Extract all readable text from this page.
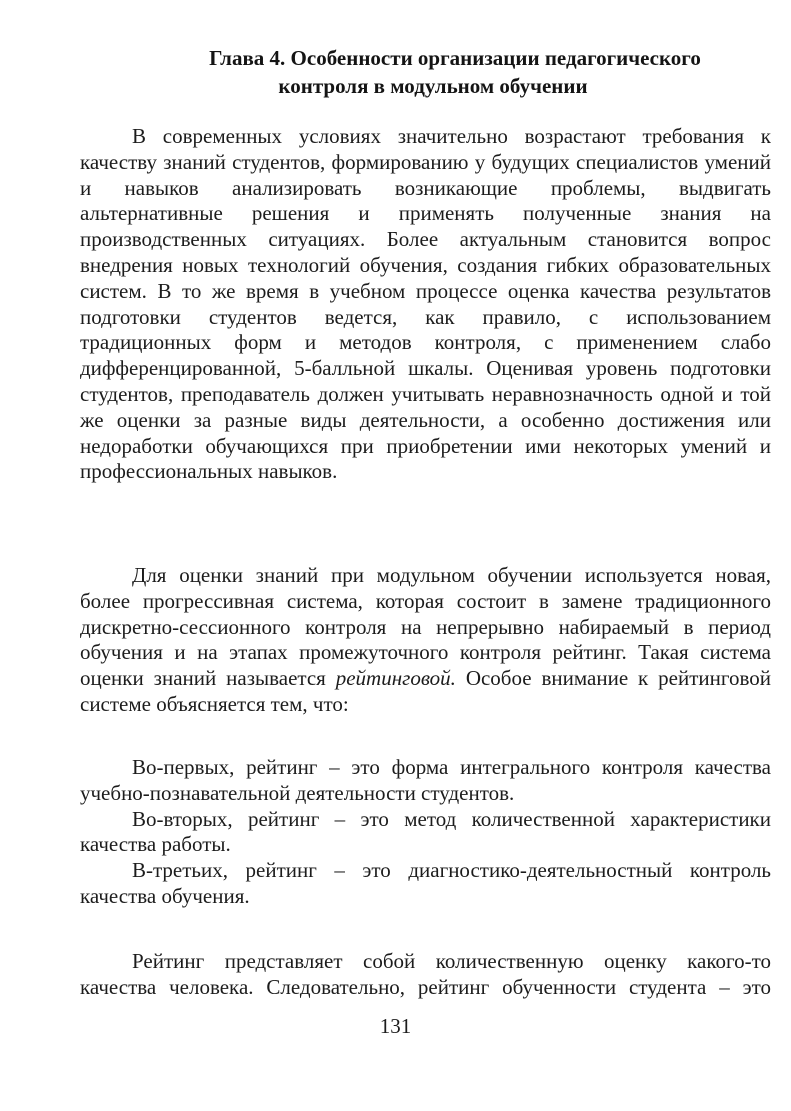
Глава 4. Особенности организации педагогического
контроля в модульном обучении

В современных условиях значительно возрастают требования к качеству знаний студентов, формированию у будущих специалистов умений и навыков анализировать возникающие проблемы, выдвигать альтернативные решения и применять полученные знания на производственных ситуациях. Более актуальным становится вопрос внедрения новых технологий обучения, создания гибких образовательных систем. В то же время в учебном процессе оценка качества результатов подготовки студентов ведется, как правило, с использованием традиционных форм и методов контроля, с применением слабо дифференцированной, 5-балльной шкалы. Оценивая уровень подготовки студентов, преподаватель должен учитывать неравнозначность одной и той же оценки за разные виды деятельности, а особенно достижения или недоработки обучающихся при приобретении ими некоторых умений и профессиональных навыков.

Для оценки знаний при модульном обучении используется новая, более прогрессивная система, которая состоит в замене традиционного дискретно-сессионного контроля на непрерывно набираемый в период обучения и на этапах промежуточного контроля рейтинг. Такая система оценки знаний называется рейтинговой. Особое внимание к рейтинговой системе объясняется тем, что:

Во-первых, рейтинг – это форма интегрального контроля качества учебно-познавательной деятельности студентов.

Во-вторых, рейтинг – это метод количественной характеристики качества работы.

В-третьих, рейтинг – это диагностико-деятельностный контроль качества обучения.

Рейтинг представляет собой количественную оценку какого-то качества человека. Следовательно, рейтинг обученности студента – это

131
